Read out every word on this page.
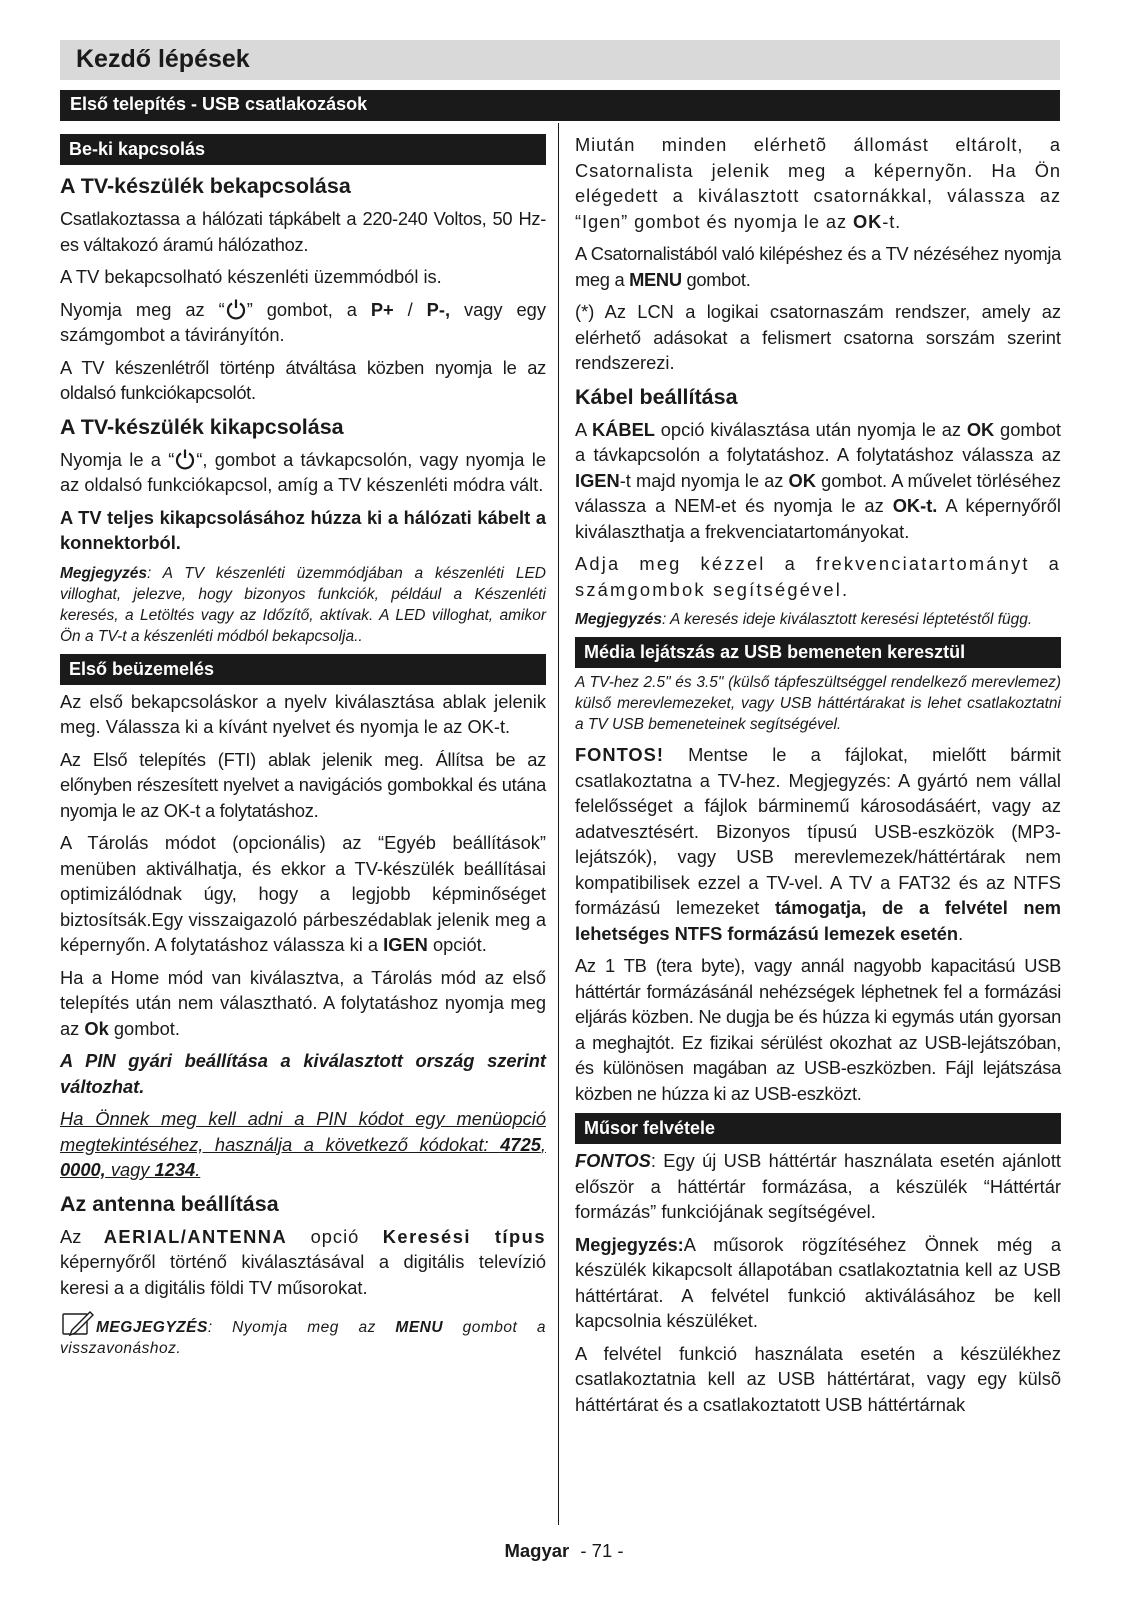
Kezdő lépések
Első telepítés - USB csatlakozások
Be-ki kapcsolás
A TV-készülék bekapcsolása

Csatlakoztassa a hálózati tápkábelt a 220-240 Voltos, 50 Hz-es váltakozó áramú hálózathoz.

A TV bekapcsolható készenléti üzemmódból is.

Nyomja meg az “ ” gombot, a P+ / P-, vagy egy számgombot a távirányítón.

A TV készenlétről történp átváltása közben nyomja le az oldalsó funkciókapcsolót.

A TV-készülék kikapcsolása

Nyomja le a “ “, gombot a távkapcsolón, vagy nyomja le az oldalsó funkciókapcsol, amíg a TV készenléti módra vált.

A TV teljes kikapcsolásához húzza ki a hálózati kábelt a konnektorból.

Megjegyzés: A TV készenléti üzemmódjában a készenléti LED villoghat, jelezve, hogy bizonyos funkciók, például a Készenléti keresés, a Letöltés vagy az Időzítő, aktívak. A LED villoghat, amikor Ön a TV-t a készenléti módból bekapcsolja..

Első beüzemelés

Az első bekapcsoláskor a nyelv kiválasztása ablak jelenik meg. Válassza ki a kívánt nyelvet és nyomja le az OK-t.

Az Első telepítés (FTI) ablak jelenik meg. Állítsa be az előnyben részesített nyelvet a navigációs gombokkal és utána nyomja le az OK-t a folytatáshoz.

A Tárolás módot (opcionális) az “Egyéb beállítások” menüben aktiválhatja, és ekkor a TV-készülék beállításai optimizálódnak úgy, hogy a legjobb képminőséget biztosítsák.Egy visszaigazoló párbeszédablak jelenik meg a képernyőn. A folytatáshoz válassza ki a IGEN opciót.

Ha a Home mód van kiválasztva, a Tárolás mód az első telepítés után nem választható. A folytatáshoz nyomja meg az Ok gombot.

A PIN gyári beállítása a kiválasztott ország szerint változhat.

Ha Önnek meg kell adni a PIN kódot egy menüopció megtekintéséhez, használja a következő kódokat: 4725, 0000, vagy 1234.

Az antenna beállítása

Az AERIAL/ANTENNA opció Keresési típus képernyőről történő kiválasztásával a digitális televízió keresi a a digitális földi TV műsorokat.

MEGJEGYZÉS: Nyomja meg az MENU gombot a visszavonáshoz.

Miután minden elérhetõ állomást eltárolt, a Csatornalista jelenik meg a képernyõn. Ha Ön elégedett a kiválasztott csatornákkal, válassza az “Igen” gombot és nyomja le az OK-t.

A Csatornalistából való kilépéshez és a TV nézéséhez nyomja meg a MENU gombot.

(*) Az LCN a logikai csatornaszám rendszer, amely az elérhető adásokat a felismert csatorna sorszám szerint rendszerezi.

Kábel beállítása

A KÁBEL opció kiválasztása után nyomja le az OK gombot a távkapcsolón a folytatáshoz. A folytatáshoz válassza az IGEN-t majd nyomja le az OK gombot. A művelet törléséhez válassza a NEM-et és nyomja le az OK-t. A képernyőről kiválaszthatja a frekvenciatartományokat.

Adja meg kézzel a frekvenciatartományt a számgombok segítségével.

Megjegyzés: A keresés ideje kiválasztott keresési léptetéstől függ.

Média lejátszás az USB bemeneten keresztül

A TV-hez 2.5" és 3.5" (külső tápfeszültséggel rendelkező merevlemez) külső merevlemezeket, vagy USB háttértárakat is lehet csatlakoztatni a TV USB bemeneteinek segítségével.

FONTOS! Mentse le a fájlokat, mielőtt bármit csatlakoztatna a TV-hez. Megjegyzés: A gyártó nem vállal felelősséget a fájlok bárminemű károsodásáért, vagy az adatvesztésért. Bizonyos típusú USB-eszközök (MP3-lejátszók), vagy USB merevlemezek/háttértárak nem kompatibilisek ezzel a TV-vel. A TV a FAT32 és az NTFS formázású lemezeket támogatja, de a felvétel nem lehetséges NTFS formázású lemezek esetén.

Az 1 TB (tera byte), vagy annál nagyobb kapacitású USB háttértár formázásánál nehézségek léphetnek fel a formázási eljárás közben. Ne dugja be és húzza ki egymás után gyorsan a meghajtót. Ez fizikai sérülést okozhat az USB-lejátszóban, és különösen magában az USB-eszközben. Fájl lejátszása közben ne húzza ki az USB-eszközt.

Műsor felvétele

FONTOS: Egy új USB háttértár használata esetén ajánlott először a háttértár formázása, a készülék “Háttértár formázás” funkciójának segítségével.

Megjegyzés:A műsorok rögzítéséhez Önnek még a készülék kikapcsolt állapotában csatlakoztatnia kell az USB háttértárat. A felvétel funkció aktiválásához be kell kapcsolnia készüléket.

A felvétel funkció használata esetén a készülékhez csatlakoztatnia kell az USB háttértárat, vagy egy külsõ háttértárat és a csatlakoztatott USB háttértárnak

Magyar - 71 -
